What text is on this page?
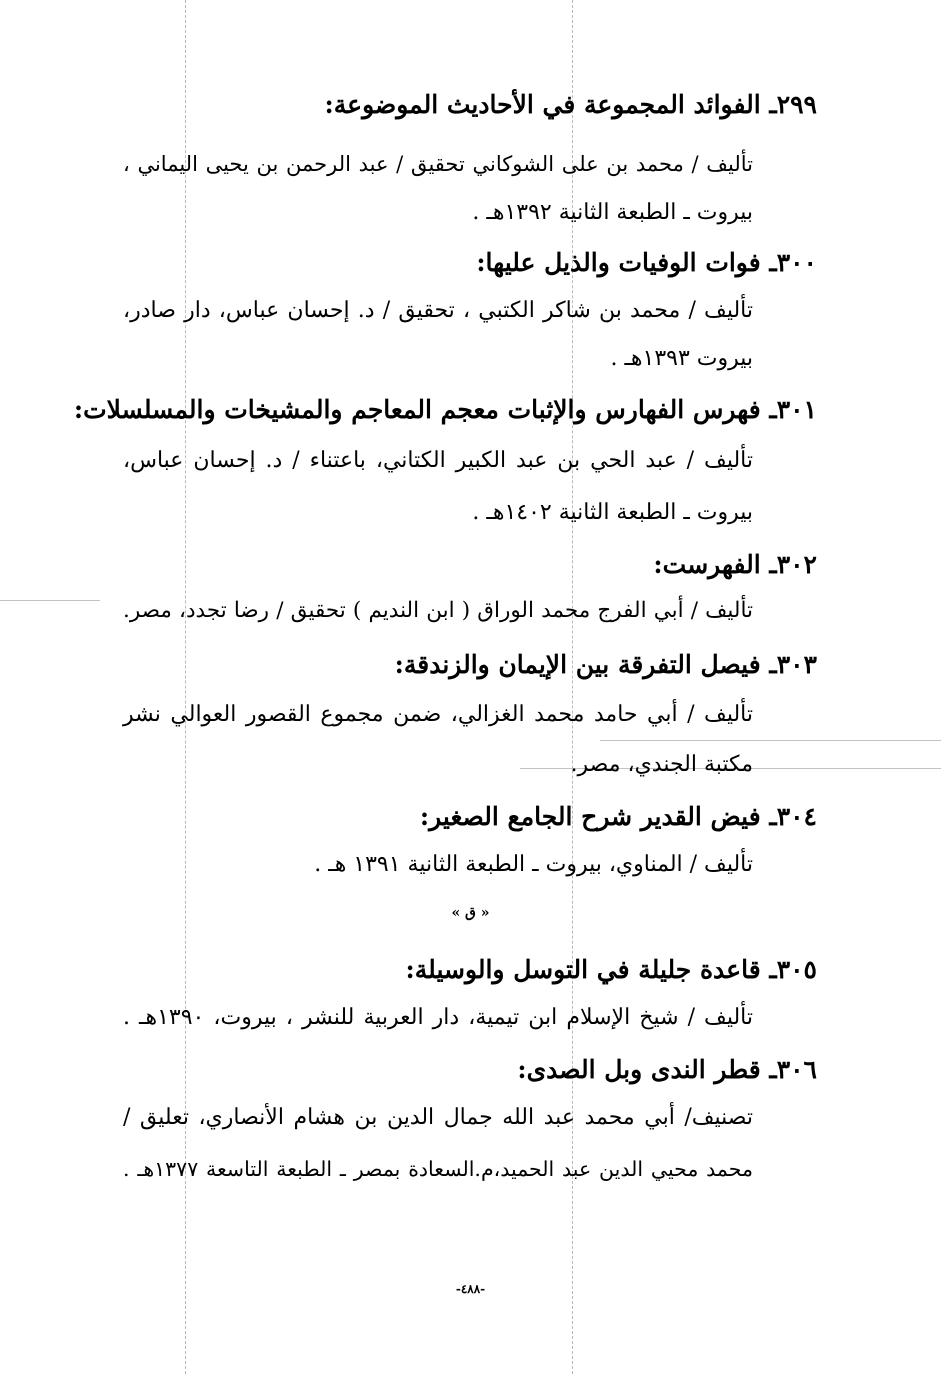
٢٩٩ـ الفوائد المجموعة في الأحاديث الموضوعة:
تأليف / محمد بن على الشوكاني تحقيق / عبد الرحمن بن يحيى اليماني ،
بيروت ـ الطبعة الثانية ١٣٩٢هـ .
٣٠٠ـ فوات الوفيات والذيل عليها:
تأليف / محمد بن شاكر الكتبي ، تحقيق / د. إحسان عباس، دار صادر،
بيروت ١٣٩٣هـ .
٣٠١ـ فهرس الفهارس والإثبات معجم المعاجم والمشيخات والمسلسلات:
تأليف / عبد الحي بن عبد الكبير الكتاني، باعتناء / د. إحسان عباس،
بيروت ـ الطبعة الثانية ١٤٠٢هـ .
٣٠٢ـ الفهرست:
تأليف / أبي الفرج محمد الوراق ( ابن النديم ) تحقيق / رضا تجدد، مصر.
٣٠٣ـ فيصل التفرقة بين الإيمان والزندقة:
تأليف / أبي حامد محمد الغزالي، ضمن مجموع القصور العوالي نشر
مكتبة الجندي، مصر.
٣٠٤ـ فيض القدير شرح الجامع الصغير:
تأليف / المناوي، بيروت ـ الطبعة الثانية ١٣٩١ هـ .
« ق »
٣٠٥ـ قاعدة جليلة في التوسل والوسيلة:
تأليف / شيخ الإسلام ابن تيمية، دار العربية للنشر ، بيروت، ١٣٩٠هـ .
٣٠٦ـ قطر الندى وبل الصدى:
تصنيف/ أبي محمد عبد الله جمال الدين بن هشام الأنصاري، تعليق /
محمد محيي الدين عبد الحميد،م.السعادة بمصر ـ الطبعة التاسعة ١٣٧٧هـ .
-٤٨٨-
